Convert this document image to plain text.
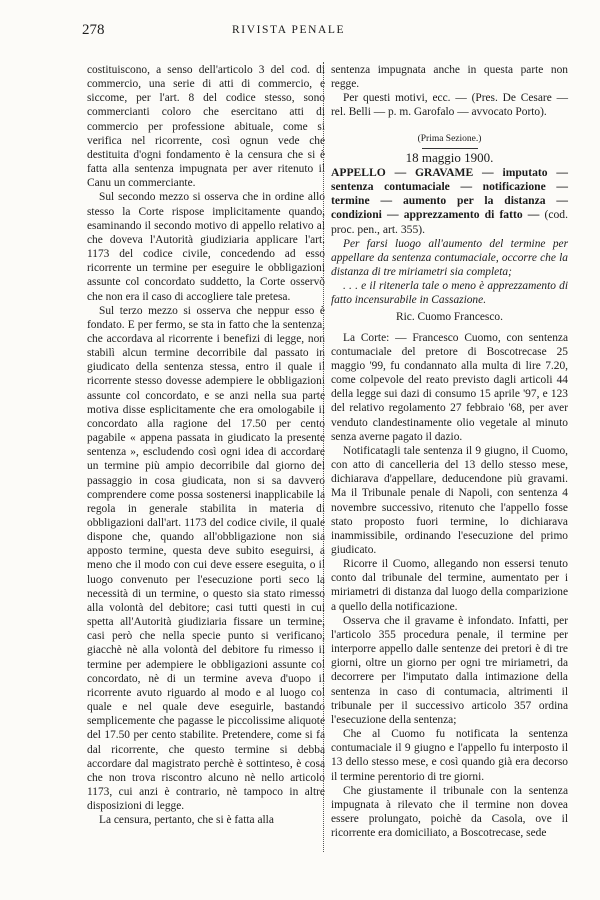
278	RIVISTA PENALE

costituiscono, a senso dell'articolo 3 del cod. di commercio, una serie di atti di commercio, e siccome, per l'art. 8 del codice stesso, sono commercianti coloro che esercitano atti di commercio per professione abituale, come si verifica nel ricorrente, così ognun vede che destituita d'ogni fondamento è la censura che si è fatta alla sentenza impugnata per aver ritenuto il Canu un commerciante.

Sul secondo mezzo si osserva che in ordine allo stesso la Corte rispose implicitamente quando, esaminando il secondo motivo di appello relativo al che doveva l'Autorità giudiziaria applicare l'art. 1173 del codice civile, concedendo ad esso ricorrente un termine per eseguire le obbligazioni assunte col concordato suddetto, la Corte osservò che non era il caso di accogliere tale pretesa.

Sul terzo mezzo si osserva che neppur esso è fondato. E per fermo, se sta in fatto che la sentenza, che accordava al ricorrente i benefizi di legge, non stabilì alcun termine decorribile dal passato in giudicato della sentenza stessa, entro il quale il ricorrente stesso dovesse adempiere le obbligazioni assunte col concordato, e se anzi nella sua parte motiva disse esplicitamente che era omologabile il concordato alla ragione del 17.50 per cento pagabile « appena passata in giudicato la presente sentenza », escludendo così ogni idea di accordare un termine più ampio decorribile dal giorno del passaggio in cosa giudicata, non si sa davvero comprendere come possa sostenersi inapplicabile la regola in generale stabilita in materia di obbligazioni dall'art. 1173 del codice civile, il quale dispone che, quando all'obbligazione non sia apposto termine, questa deve subito eseguirsi, a meno che il modo con cui deve essere eseguita, o il luogo convenuto per l'esecuzione porti seco la necessità di un termine, o questo sia stato rimesso alla volontà del debitore; casi tutti questi in cui spetta all'Autorità giudiziaria fissare un termine, casi però che nella specie punto si verificano, giacchè nè alla volontà del debitore fu rimesso il termine per adempiere le obbligazioni assunte col concordato, nè di un termine aveva d'uopo il ricorrente avuto riguardo al modo e al luogo col quale e nel quale deve eseguirle, bastando semplicemente che pagasse le piccolissime aliquote del 17.50 per cento stabilite. Pretendere, come si fa dal ricorrente, che questo termine si debba accordare dal magistrato perchè è sottinteso, è cosa che non trova riscontro alcuno nè nello articolo 1173, cui anzi è contrario, nè tampoco in altre disposizioni di legge.

La censura, pertanto, che si è fatta alla

sentenza impugnata anche in questa parte non regge.

Per questi motivi, ecc. — (Pres. De Cesare — rel. Belli — p. m. Garofalo — avvocato Porto).

(Prima Sezione.)
18 maggio 1900.

APPELLO — GRAVAME — imputato — sentenza contumaciale — notificazione — termine — aumento per la distanza — condizioni — apprezzamento di fatto — (cod. proc. pen., art. 355).

Per farsi luogo all'aumento del termine per appellare da sentenza contumaciale, occorre che la distanza di tre miriametri sia completa;

. . . e il ritenerla tale o meno è apprezzamento di fatto incensurabile in Cassazione.

Ric. Cuomo Francesco.

La Corte: — Francesco Cuomo, con sentenza contumaciale del pretore di Boscotrecase 25 maggio '99, fu condannato alla multa di lire 7.20, come colpevole del reato previsto dagli articoli 44 della legge sui dazi di consumo 15 aprile '97, e 123 del relativo regolamento 27 febbraio '68, per aver venduto clandestinamente olio vegetale al minuto senza averne pagato il dazio.

Notificatagli tale sentenza il 9 giugno, il Cuomo, con atto di cancelleria del 13 dello stesso mese, dichiarava d'appellare, deducendone più gravami. Ma il Tribunale penale di Napoli, con sentenza 4 novembre successivo, ritenuto che l'appello fosse stato proposto fuori termine, lo dichiarava inammissibile, ordinando l'esecuzione del primo giudicato.

Ricorre il Cuomo, allegando non essersi tenuto conto dal tribunale del termine, aumentato per i miriametri di distanza dal luogo della comparizione a quello della notificazione.

Osserva che il gravame è infondato. Infatti, per l'articolo 355 procedura penale, il termine per interporre appello dalle sentenze dei pretori è di tre giorni, oltre un giorno per ogni tre miriametri, da decorrere per l'imputato dalla intimazione della sentenza in caso di contumacia, altrimenti il tribunale per il successivo articolo 357 ordina l'esecuzione della sentenza;

Che al Cuomo fu notificata la sentenza contumaciale il 9 giugno e l'appello fu interposto il 13 dello stesso mese, e così quando già era decorso il termine perentorio di tre giorni.

Che giustamente il tribunale con la sentenza impugnata à rilevato che il termine non dovea essere prolungato, poichè da Casola, ove il ricorrente era domiciliato, a Boscotrecase, sede
